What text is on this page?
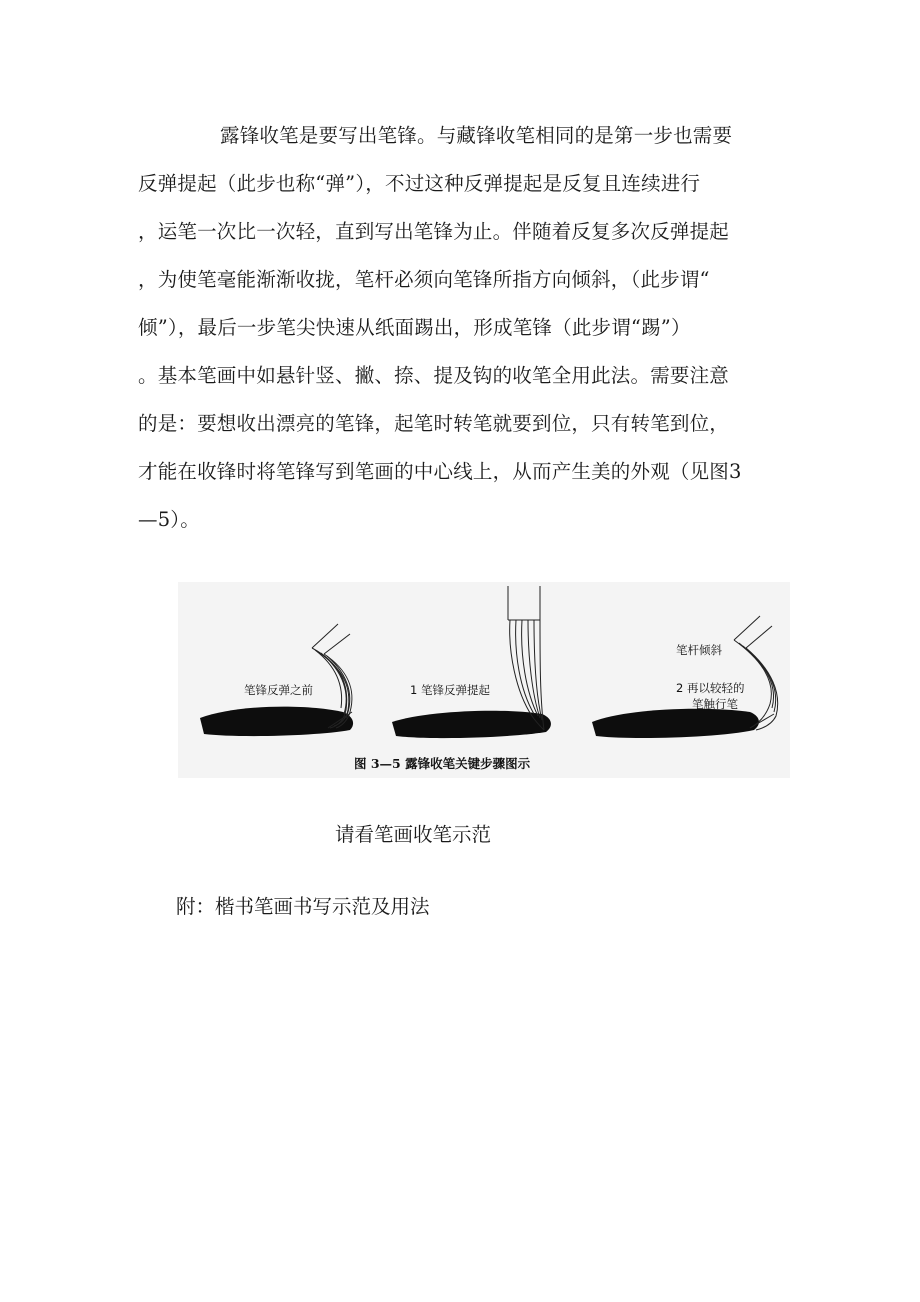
露锋收笔是要写出笔锋。与藏锋收笔相同的是第一步也需要
反弹提起（此步也称“弹”），不过这种反弹提起是反复且连续进行
，运笔一次比一次轻，直到写出笔锋为止。伴随着反复多次反弹提起
，为使笔毫能渐渐收拢，笔杆必须向笔锋所指方向倾斜，（此步谓“
倾”），最后一步笔尖快速从纸面踢出，形成笔锋（此步谓“踢”）
。基本笔画中如悬针竖、撇、捺、提及钩的收笔全用此法。需要注意
的是：要想收出漂亮的笔锋，起笔时转笔就要到位，只有转笔到位，
才能在收锋时将笔锋写到笔画的中心线上，从而产生美的外观（见图3
—5）。
笔锋反弹之前	1 笔锋反弹提起
笔杆倾斜
2 再以较轻的
笔触行笔
图 3—5 露锋收笔关键步骤图示
请看笔画收笔示范
附：楷书笔画书写示范及用法
